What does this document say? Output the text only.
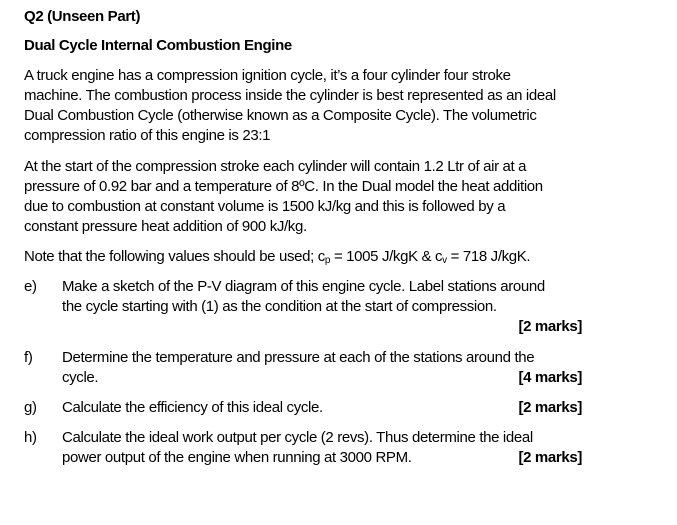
Q2 (Unseen Part)
Dual Cycle Internal Combustion Engine

A truck engine has a compression ignition cycle, it’s a four cylinder four stroke
machine. The combustion process inside the cylinder is best represented as an ideal
Dual Combustion Cycle (otherwise known as a Composite Cycle). The volumetric
compression ratio of this engine is 23:1

At the start of the compression stroke each cylinder will contain 1.2 Ltr of air at a
pressure of 0.92 bar and a temperature of 8ºC. In the Dual model the heat addition
due to combustion at constant volume is 1500 kJ/kg and this is followed by a
constant pressure heat addition of 900 kJ/kg.

Note that the following values should be used; $c_p = 1005$ J/kgK & $c_v = 718$ J/kgK.

e) Make a sketch of the P-V diagram of this engine cycle. Label stations around
the cycle starting with (1) as the condition at the start of compression.
[2 marks]
f) Determine the temperature and pressure at each of the stations around the
cycle.	[4 marks]
g) Calculate the efficiency of this ideal cycle.	[2 marks]
h) Calculate the ideal work output per cycle (2 revs). Thus determine the ideal
power output of the engine when running at 3000 RPM.	[2 marks]
